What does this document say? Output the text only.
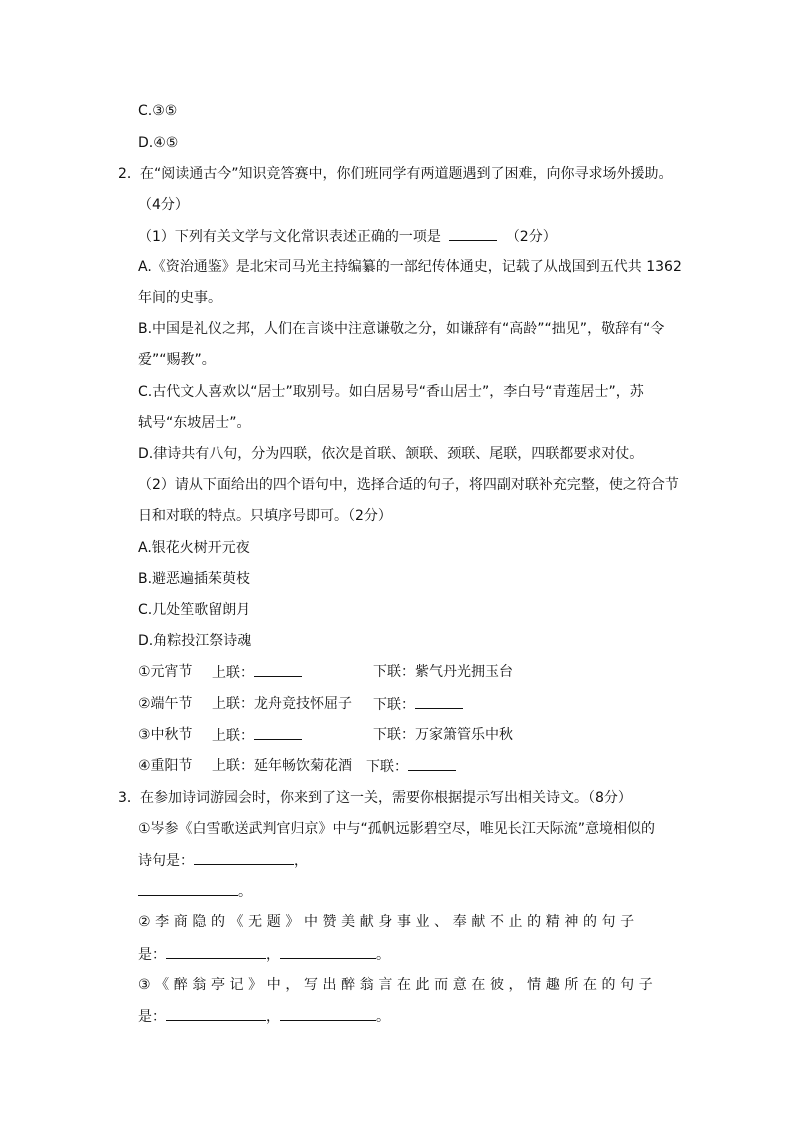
C.③⑤
D.④⑤
2． 在“阅读通古今”知识竞答赛中，你们班同学有两道题遇到了困难，向你寻求场外援助。
（4分）
（1）下列有关文学与文化常识表述正确的一项是	（2分）
A.《资治通鉴》是北宋司马光主持编纂的一部纪传体通史，记载了从战国到五代共 1362
年间的史事。
B.中国是礼仪之邦，人们在言谈中注意谦敬之分，如谦辞有“高龄”“拙见”，敬辞有“令
爱”“赐教”。
C.古代文人喜欢以“居士”取别号。如白居易号“香山居士”，李白号“青莲居士”，苏
轼号“东坡居士”。
D.律诗共有八句，分为四联，依次是首联、颔联、颈联、尾联，四联都要求对仗。
（2）请从下面给出的四个语句中，选择合适的句子，将四副对联补充完整，使之符合节
日和对联的特点。只填序号即可。（2分）
A.银花火树开元夜
B.避恶遍插茱萸枝
C.几处笙歌留朗月
D.角粽投江祭诗魂
①元宵节 上联：	下联：紫气丹光拥玉台
②端午节 上联：龙舟竞技怀屈子 下联：
③中秋节 上联：	下联：万家箫管乐中秋
④重阳节 上联：延年畅饮菊花酒 下联：
3． 在参加诗词游园会时，你来到了这一关，需要你根据提示写出相关诗文。（8分）
①岑参《白雪歌送武判官归京》中与“孤帆远影碧空尽，唯见长江天际流”意境相似的
诗句是：	，
。
②李商隐的《无题》中赞美献身事业、奉献不止的精神的句子
是：	，	。
③《醉翁亭记》中，写出醉翁言在此而意在彼，情趣所在的句子
是：	，	。
